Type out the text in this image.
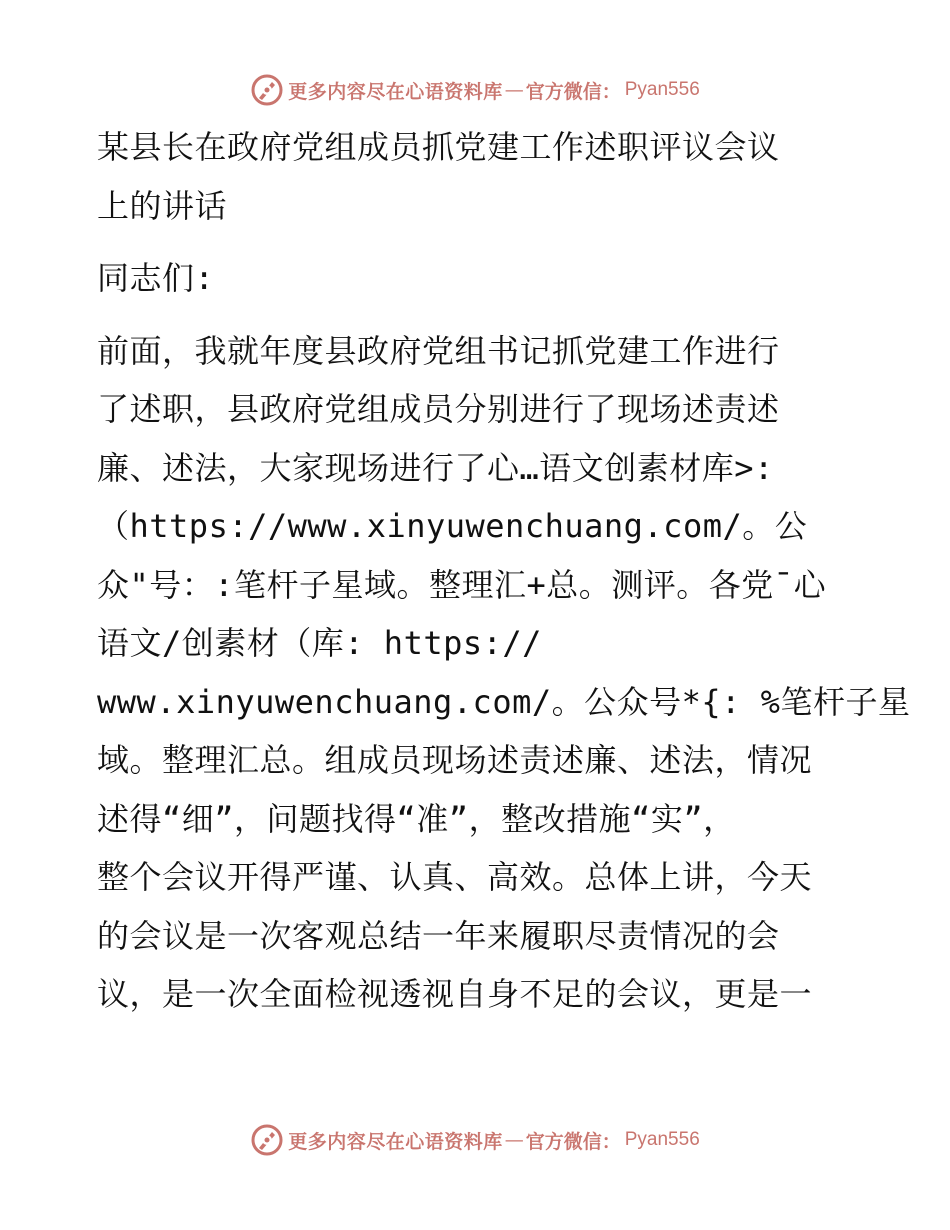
更多内容尽在心语资料库 — 官方微信： Pyan556
某县长在政府党组成员抓党建工作述职评议会议
上的讲话
同志们:
前面，我就年度县政府党组书记抓党建工作进行
了述职，县政府党组成员分别进行了现场述责述
廉、述法，大家现场进行了心…语文创素材库>:
（https://www.xinyuwenchuang.com/。公
众"号：:笔杆子星域。整理汇+总。测评。各党¯心
语文/创素材（库: https://
www.xinyuwenchuang.com/。公众号*{: %笔杆子星
域。整理汇总。组成员现场述责述廉、述法，情况
述得“细”，问题找得“准”，整改措施“实”，
整个会议开得严谨、认真、高效。总体上讲，今天
的会议是一次客观总结一年来履职尽责情况的会
议，是一次全面检视透视自身不足的会议，更是一
更多内容尽在心语资料库 — 官方微信： Pyan556
